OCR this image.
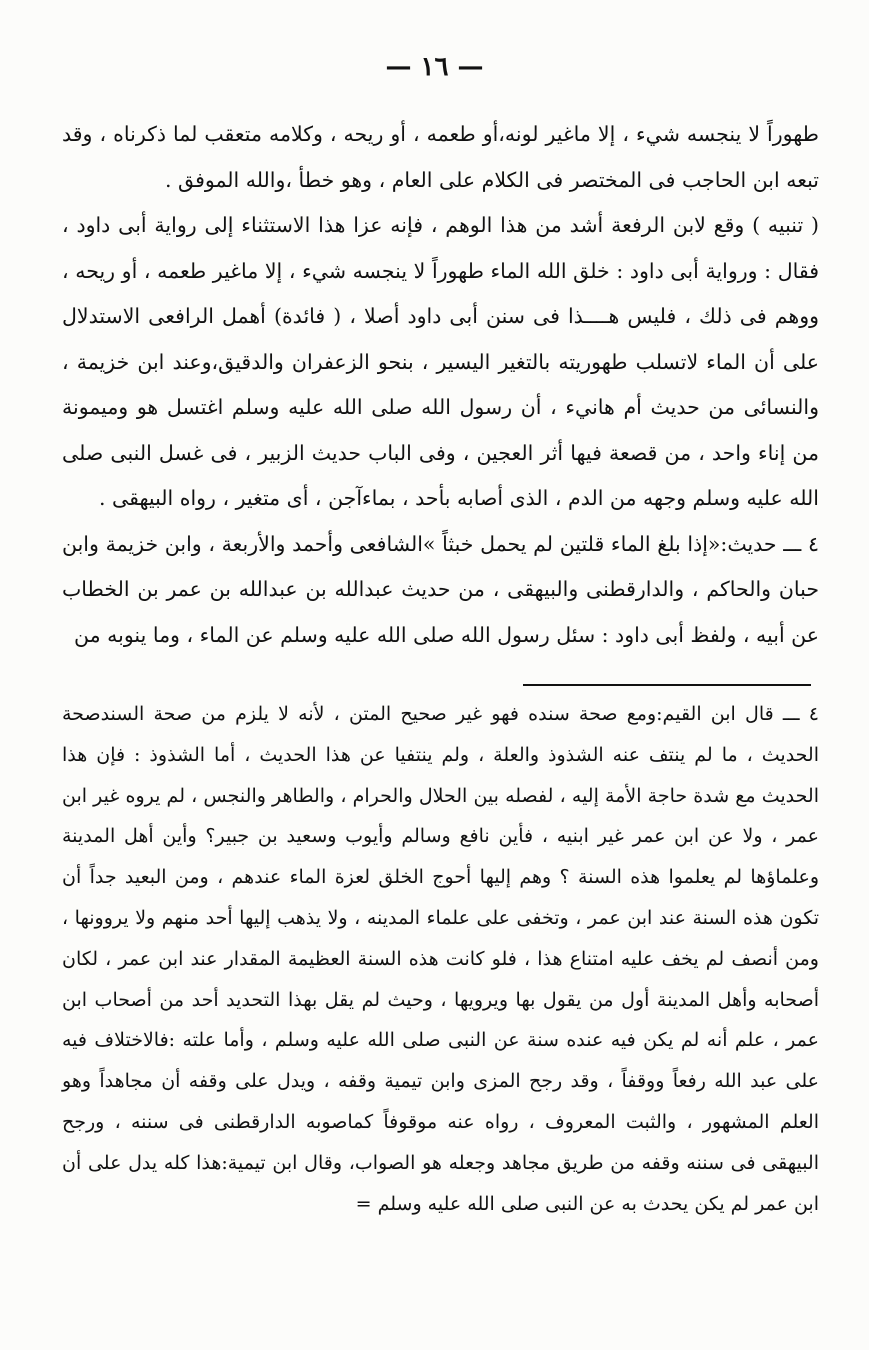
— ١٦ —

طهوراً لا ينجسه شيء ، إلا ماغير لونه،أو طعمه ، أو ريحه ، وكلامه متعقب لما ذكرناه ، وقد تبعه ابن الحاجب فى المختصر فى الكلام على العام ، وهو خطأ ،والله الموفق .

( تنبيه ) وقع لابن الرفعة أشد من هذا الوهم ، فإنه عزا هذا الاستثناء إلى رواية أبى داود ، فقال : ورواية أبى داود : خلق الله الماء طهوراً لا ينجسه شيء ، إلا ماغير طعمه ، أو ريحه ، ووهم فى ذلك ، فليس هــــذا فى سنن أبى داود أصلا ، ( فائدة) أهمل الرافعى الاستدلال على أن الماء لاتسلب طهوريته بالتغير اليسير ، بنحو الزعفران والدقيق،وعند ابن خزيمة ، والنسائى من حديث أم هانيء ، أن رسول الله صلى الله عليه وسلم اغتسل هو وميمونة من إناء واحد ، من قصعة فيها أثر العجين ، وفى الباب حديث الزبير ، فى غسل النبى صلى الله عليه وسلم وجهه من الدم ، الذى أصابه بأحد ، بماءآجن ، أى متغير ، رواه البيهقى .

٤ ـــ حديث:«إذا بلغ الماء قلتين لم يحمل خبثاً »الشافعى وأحمد والأربعة ، وابن خزيمة وابن حبان والحاكم ، والدارقطنى والبيهقى ، من حديث عبدالله بن عبدالله بن عمر بن الخطاب عن أبيه ، ولفظ أبى داود : سئل رسول الله صلى الله عليه وسلم عن الماء ، وما ينوبه من

٤ ـــ قال ابن القيم:ومع صحة سنده فهو غير صحيح المتن ، لأنه لا يلزم من صحة السندصحة الحديث ، ما لم ينتف عنه الشذوذ والعلة ، ولم ينتفيا عن هذا الحديث ، أما الشذوذ : فإن هذا الحديث مع شدة حاجة الأمة إليه ، لفصله بين الحلال والحرام ، والطاهر والنجس ، لم يروه غير ابن عمر ، ولا عن ابن عمر غير ابنيه ، فأين نافع وسالم وأيوب وسعيد بن جبير؟ وأين أهل المدينة وعلماؤها لم يعلموا هذه السنة ؟ وهم إليها أحوج الخلق لعزة الماء عندهم ، ومن البعيد جداً أن تكون هذه السنة عند ابن عمر ، وتخفى على علماء المدينه ، ولا يذهب إليها أحد منهم ولا يروونها ، ومن أنصف لم يخف عليه امتناع هذا ، فلو كانت هذه السنة العظيمة المقدار عند ابن عمر ، لكان أصحابه وأهل المدينة أول من يقول بها ويرويها ، وحيث لم يقل بهذا التحديد أحد من أصحاب ابن عمر ، علم أنه لم يكن فيه عنده سنة عن النبى صلى الله عليه وسلم ، وأما علته :فالاختلاف فيه على عبد الله رفعاً ووقفاً ، وقد رجح المزى وابن تيمية وقفه ، ويدل على وقفه أن مجاهداً وهو العلم المشهور ، والثبت المعروف ، رواه عنه موقوفاً كماصوبه الدارقطنى فى سننه ، ورجح البيهقى فى سننه وقفه من طريق مجاهد وجعله هو الصواب، وقال ابن تيمية:هذا كله يدل على أن ابن عمر لم يكن يحدث به عن النبى صلى الله عليه وسلم =
